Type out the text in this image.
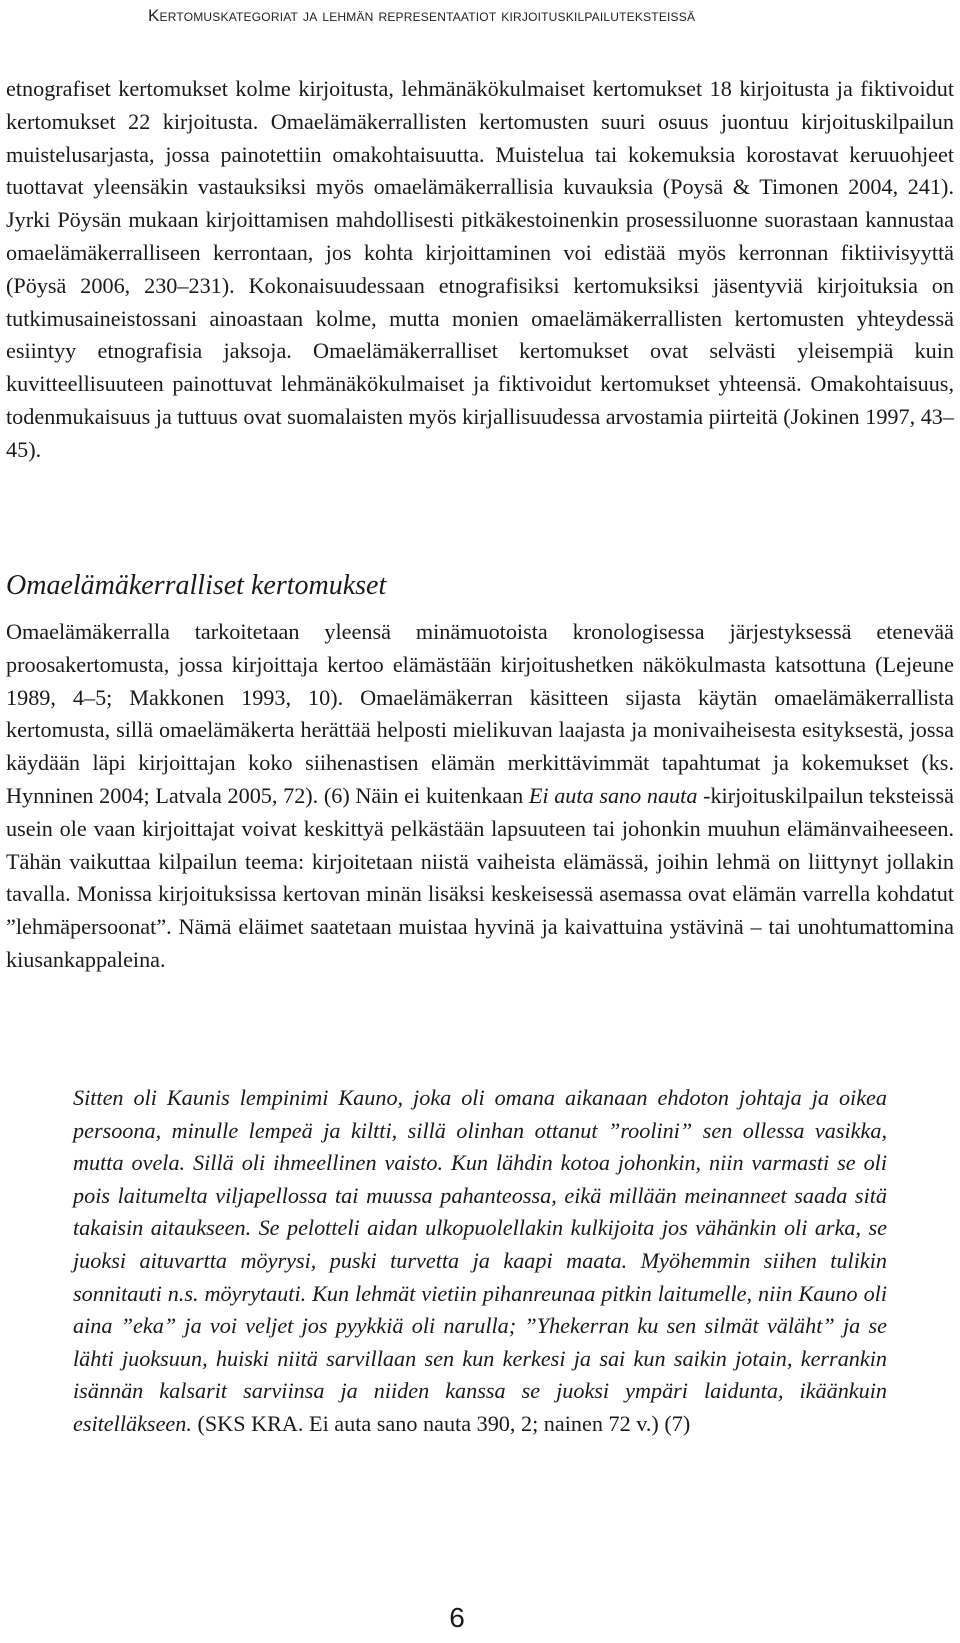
Kertomuskategoriat ja lehmän representaatiot kirjoituskilpailuteksteissä

etnografiset kertomukset kolme kirjoitusta, lehmänäkökulmaiset kertomukset 18 kirjoitusta ja fiktivoidut kertomukset 22 kirjoitusta. Omaelämäkerrallisten kertomusten suuri osuus juontuu kirjoituskilpailun muistelusarjasta, jossa painotettiin omakohtaisuutta. Muistelua tai kokemuksia korostavat keruuohjeet tuottavat yleensäkin vastauksiksi myös omaelämäkerrallisia kuvauksia (Poysä & Timonen 2004, 241). Jyrki Pöysän mukaan kirjoittamisen mahdollisesti pitkäkestoinenkin prosessiluonne suorastaan kannustaa omaelämäkerralliseen kerrontaan, jos kohta kirjoittaminen voi edistää myös kerronnan fiktiivisyyttä (Pöysä 2006, 230–231). Kokonaisuudessaan etnografisiksi kertomuksiksi jäsentyviä kirjoituksia on tutkimusaineistossani ainoastaan kolme, mutta monien omaelämäkerrallisten kertomusten yhteydessä esiintyy etnografisia jaksoja. Omaelämäkerralliset kertomukset ovat selvästi yleisempiä kuin kuvitteellisuuteen painottuvat lehmänäkökulmaiset ja fiktivoidut kertomukset yhteensä. Omakohtaisuus, todenmukaisuus ja tuttuus ovat suomalaisten myös kirjallisuudessa arvostamia piirteitä (Jokinen 1997, 43–45).

Omaelämäkerralliset kertomukset

Omaelämäkerralla tarkoitetaan yleensä minämuotoista kronologisessa järjestyksessä etenevää proosakertomusta, jossa kirjoittaja kertoo elämästään kirjoitushetken näkökulmasta katsottuna (Lejeune 1989, 4–5; Makkonen 1993, 10). Omaelämäkerran käsitteen sijasta käytän omaelämäkerrallista kertomusta, sillä omaelämäkerta herättää helposti mielikuvan laajasta ja monivaiheisesta esityksestä, jossa käydään läpi kirjoittajan koko siihenastisen elämän merkittävimmät tapahtumat ja kokemukset (ks. Hynninen 2004; Latvala 2005, 72). (6) Näin ei kuitenkaan Ei auta sano nauta -kirjoituskilpailun teksteissä usein ole vaan kirjoittajat voivat keskittyä pelkästään lapsuuteen tai johonkin muuhun elämänvaiheeseen. Tähän vaikuttaa kilpailun teema: kirjoitetaan niistä vaiheista elämässä, joihin lehmä on liittynyt jollakin tavalla. Monissa kirjoituksissa kertovan minän lisäksi keskeisessä asemassa ovat elämän varrella kohdatut ”lehmäpersoonat”. Nämä eläimet saatetaan muistaa hyvinä ja kaivattuina ystävinä – tai unohtumattomina kiusankappaleina.

Sitten oli Kaunis lempinimi Kauno, joka oli omana aikanaan ehdoton johtaja ja oikea persoona, minulle lempeä ja kiltti, sillä olinhan ottanut ”roolini” sen ollessa vasikka, mutta ovela. Sillä oli ihmeellinen vaisto. Kun lähdin kotoa johonkin, niin varmasti se oli pois laitumelta viljapellossa tai muussa pahanteossa, eikä millään meinanneet saada sitä takaisin aitaukseen. Se pelotteli aidan ulkopuolellakin kulkijoita jos vähänkin oli arka, se juoksi aituvartta möyrysi, puski turvetta ja kaapi maata. Myöhemmin siihen tulikin sonnitauti n.s. möyrytauti. Kun lehmät vietiin pihanreunaa pitkin laitumelle, niin Kauno oli aina ”eka” ja voi veljet jos pyykkiä oli narulla; ”Yhekerran ku sen silmät väläht” ja se lähti juoksuun, huiski niitä sarvillaan sen kun kerkesi ja sai kun saikin jotain, kerrankin isännän kalsarit sarviinsa ja niiden kanssa se juoksi ympäri laidunta, ikäänkuin esitelläkseen. (SKS KRA. Ei auta sano nauta 390, 2; nainen 72 v.) (7)

6
